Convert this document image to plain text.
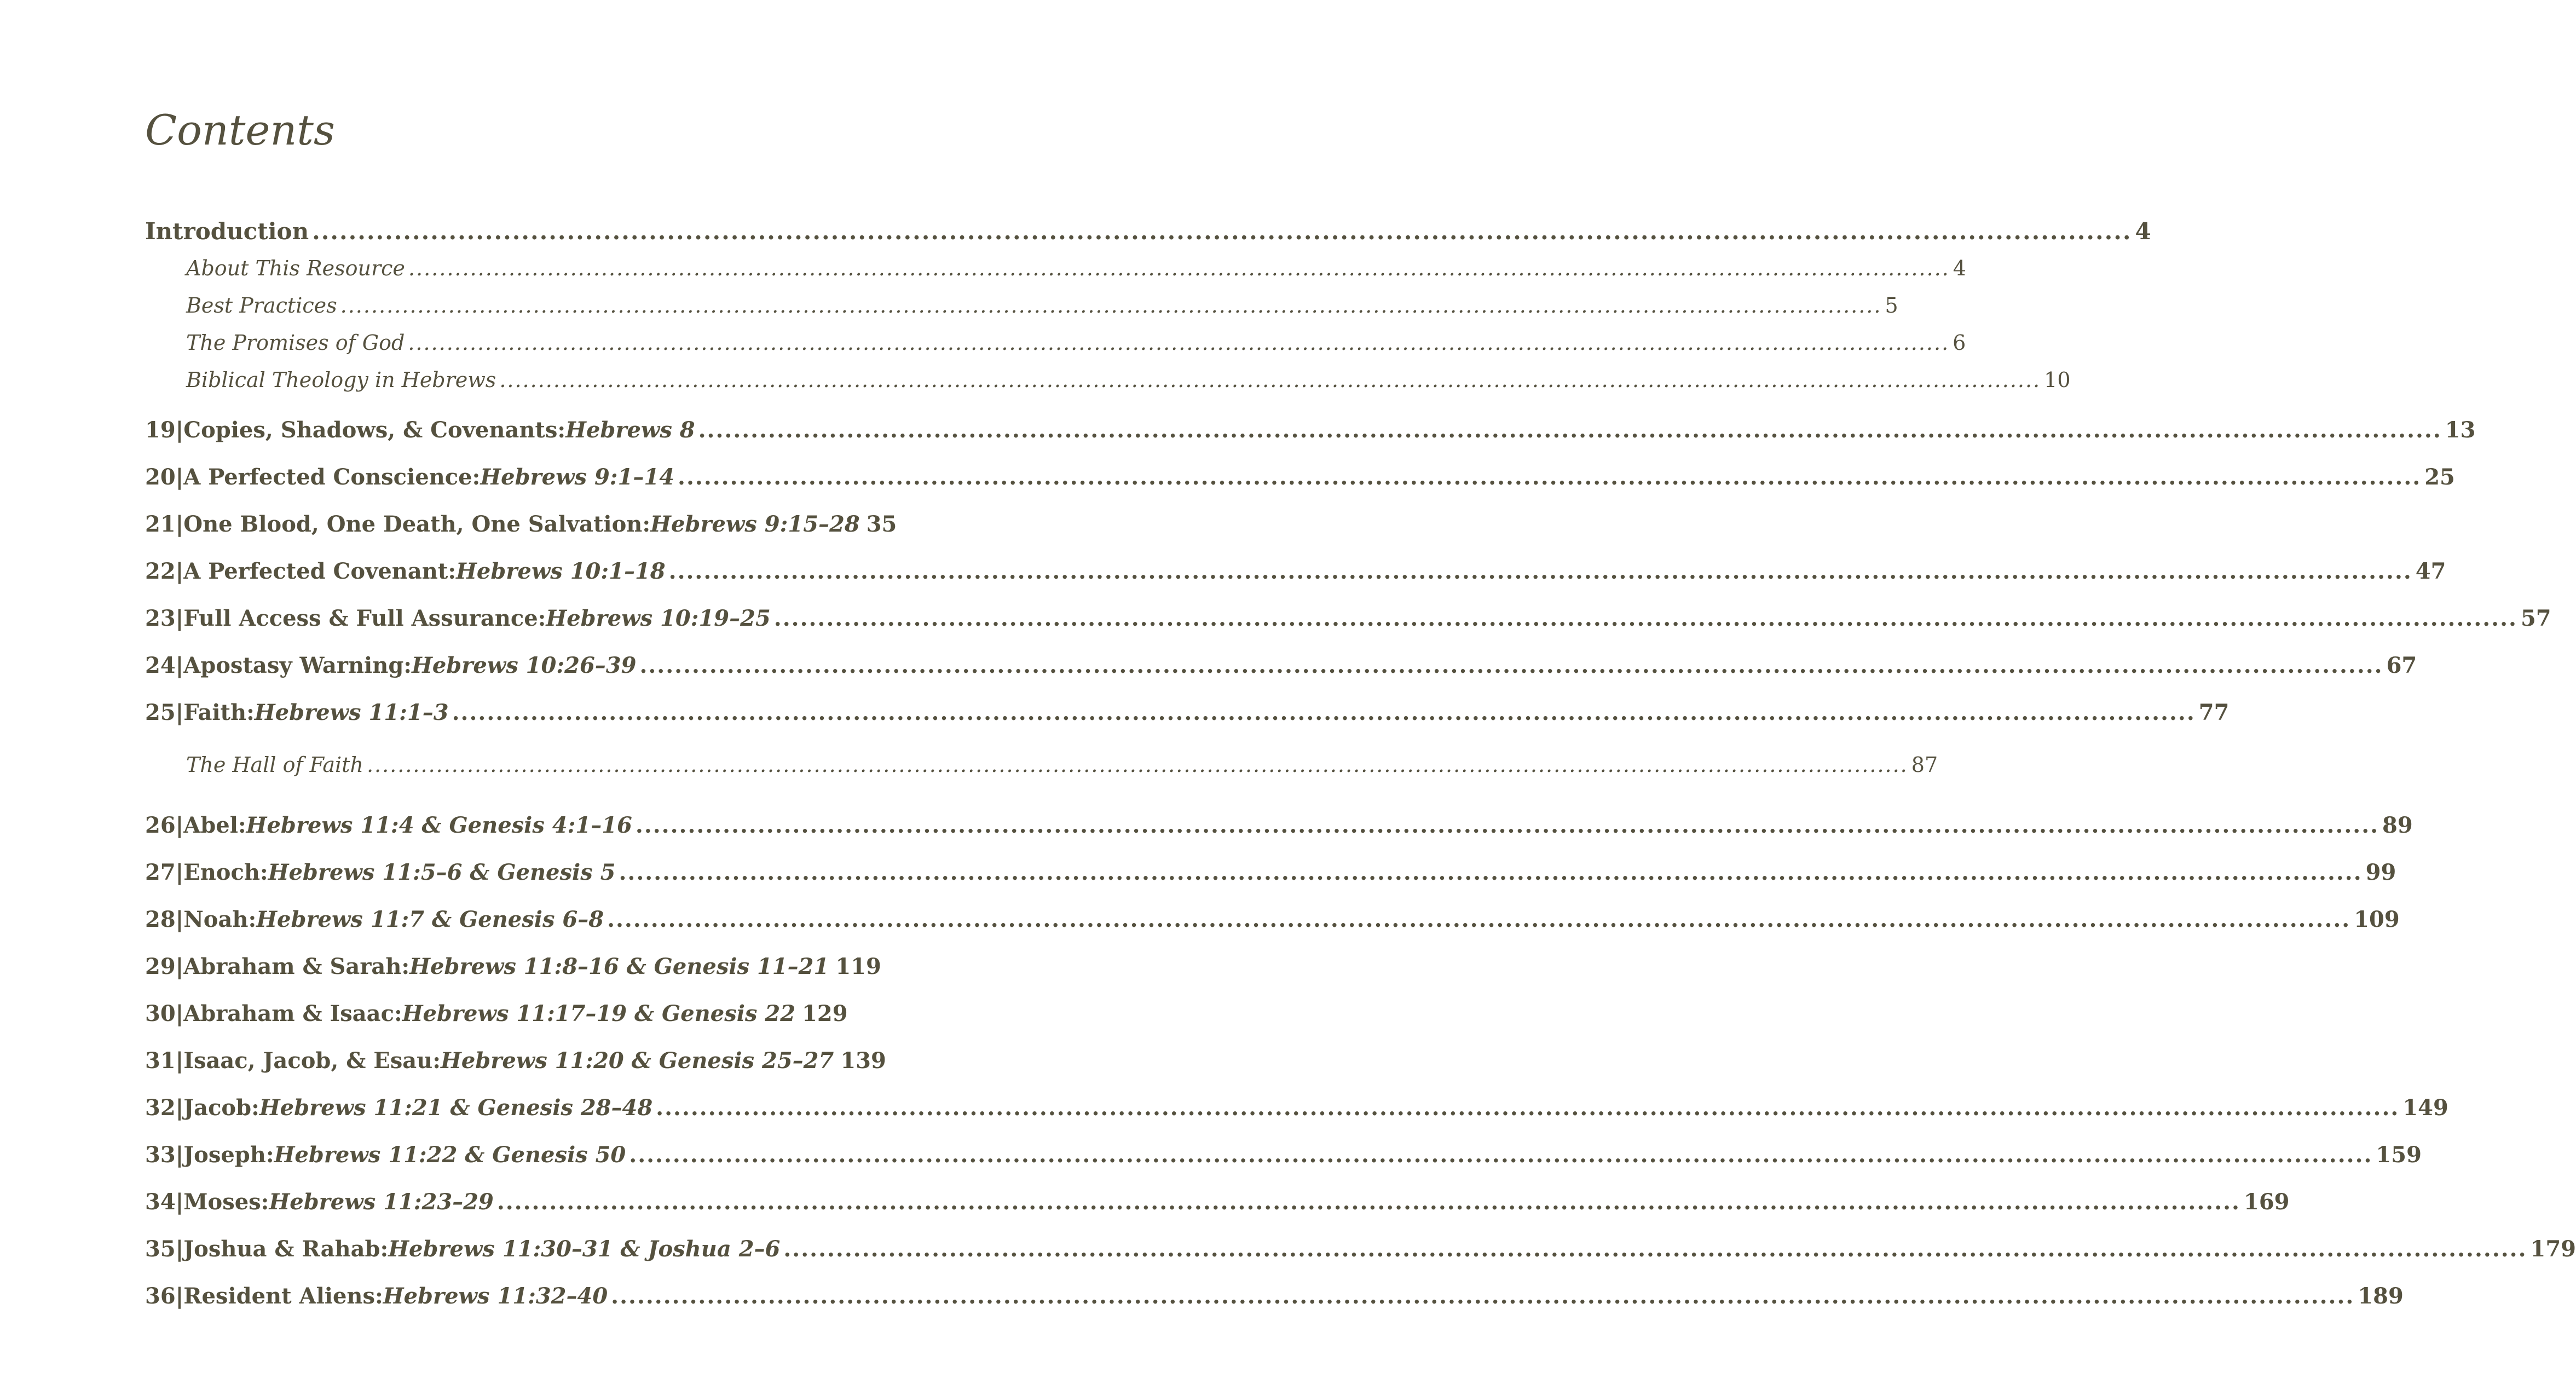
Contents
Introduction .....	4
About This Resource .....	4
Best Practices .....	5
The Promises of God .....	6
Biblical Theology in Hebrews .....	10
19 | Copies, Shadows, & Covenants: Hebrews 8 .....	13
20 | A Perfected Conscience: Hebrews 9:1–14 .....	25
21 | One Blood, One Death, One Salvation: Hebrews 9:15–28 35
22 | A Perfected Covenant: Hebrews 10:1–18 .....	47
23 | Full Access & Full Assurance: Hebrews 10:19–25 .....	57
24 | Apostasy Warning: Hebrews 10:26–39 .....	67
25 | Faith: Hebrews 11:1–3 .....	77
The Hall of Faith .....	87
26 | Abel: Hebrews 11:4 & Genesis 4:1–16 .....	89
27 | Enoch: Hebrews 11:5–6 & Genesis 5 .....	99
28 | Noah: Hebrews 11:7 & Genesis 6–8 .....	109
29 | Abraham & Sarah: Hebrews 11:8–16 & Genesis 11–21 119
30 | Abraham & Isaac: Hebrews 11:17–19 & Genesis 22 129
31 | Isaac, Jacob, & Esau: Hebrews 11:20 & Genesis 25–27 139
32 | Jacob: Hebrews 11:21 & Genesis 28–48 .....	149
33 | Joseph: Hebrews 11:22 & Genesis 50 .....	159
34 | Moses: Hebrews 11:23–29 .....	169
35 | Joshua & Rahab: Hebrews 11:30–31 & Joshua 2–6 .....	179
36 | Resident Aliens: Hebrews 11:32–40 .....	189
